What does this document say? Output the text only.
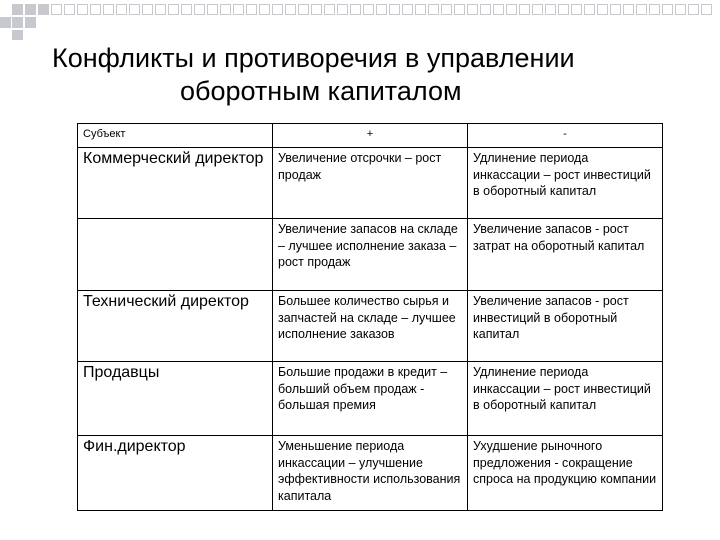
Конфликты и противоречия в управлении
оборотным капиталом
Субъект	+	-
Коммерческий директор	Увеличение отсрочки – рост продаж	Удлинение периода инкассации – рост инвестиций в оборотный капитал
	Увеличение запасов на складе – лучшее исполнение заказа – рост продаж	Увеличение запасов - рост затрат на оборотный капитал
Технический директор	Большее количество сырья и запчастей на складе – лучшее исполнение заказов	Увеличение запасов - рост инвестиций в оборотный капитал
Продавцы	Большие продажи в кредит – больший объем продаж - большая премия	Удлинение периода инкассации – рост инвестиций в оборотный капитал
Фин.директор	Уменьшение периода инкассации – улучшение эффективности использования капитала	Ухудшение рыночного предложения - сокращение спроса на продукцию компании
